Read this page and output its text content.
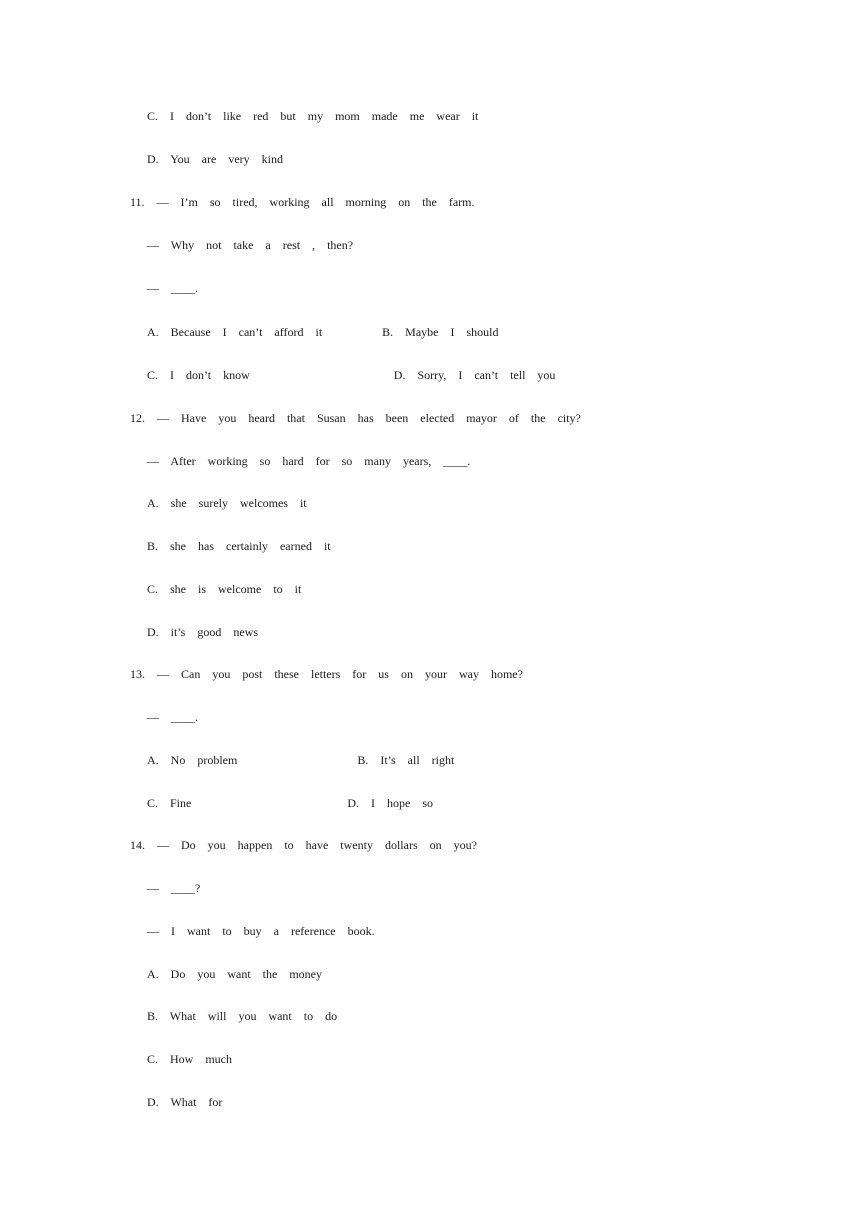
C.  I  don’t  like  red  but  my  mom  made  me  wear  it
D.  You  are  very  kind
11.  —  I’m  so  tired,  working  all  morning  on  the  farm.
—  Why  not  take  a  rest  ,  then?
—  ____.
A.  Because  I  can’t  afford  it          B.  Maybe  I  should
C.  I  don’t  know                        D.  Sorry,  I  can’t  tell  you
12.  —  Have  you  heard  that  Susan  has  been  elected  mayor  of  the  city?
—  After  working  so  hard  for  so  many  years,  ____.
A.  she  surely  welcomes  it
B.  she  has  certainly  earned  it
C.  she  is  welcome  to  it
D.  it’s  good  news
13.  —  Can  you  post  these  letters  for  us  on  your  way  home?
—  ____.
A.  No  problem                    B.  It’s  all  right
C.  Fine                          D.  I  hope  so
14.  —  Do  you  happen  to  have  twenty  dollars  on  you?
—  ____?
—  I  want  to  buy  a  reference  book.
A.  Do  you  want  the  money
B.  What  will  you  want  to  do
C.  How  much
D.  What  for
